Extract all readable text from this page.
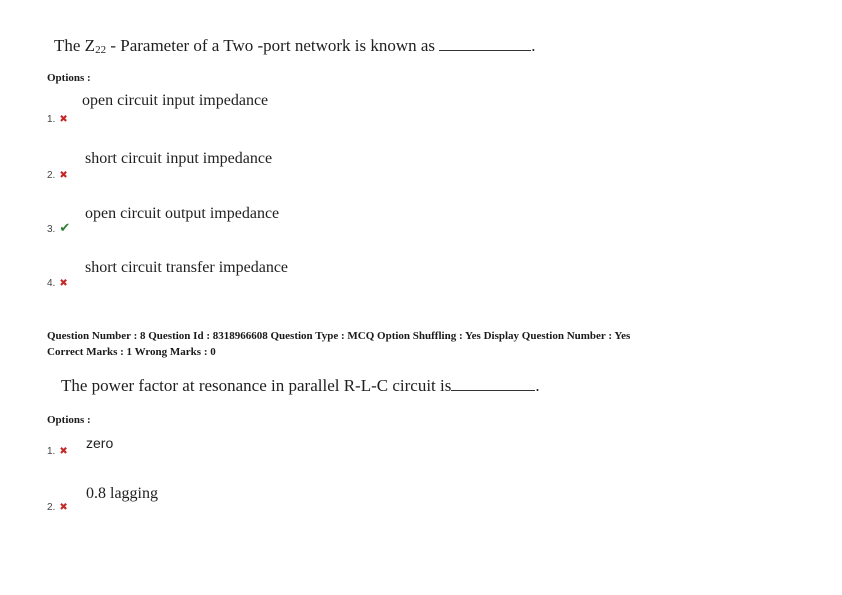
The $Z_{22}$ - Parameter of a Two -port network is known as	.
Options :
open circuit input impedance
1. ✖
short circuit input impedance
2. ✖
open circuit output impedance
3. ✔
short circuit transfer impedance
4. ✖
Question Number : 8 Question Id : 8318966608 Question Type : MCQ Option Shuffling : Yes Display Question Number : Yes
Correct Marks : 1 Wrong Marks : 0
The power factor at resonance in parallel R-L-C circuit is	.
Options :
zero
1. ✖
0.8 lagging
2. ✖
